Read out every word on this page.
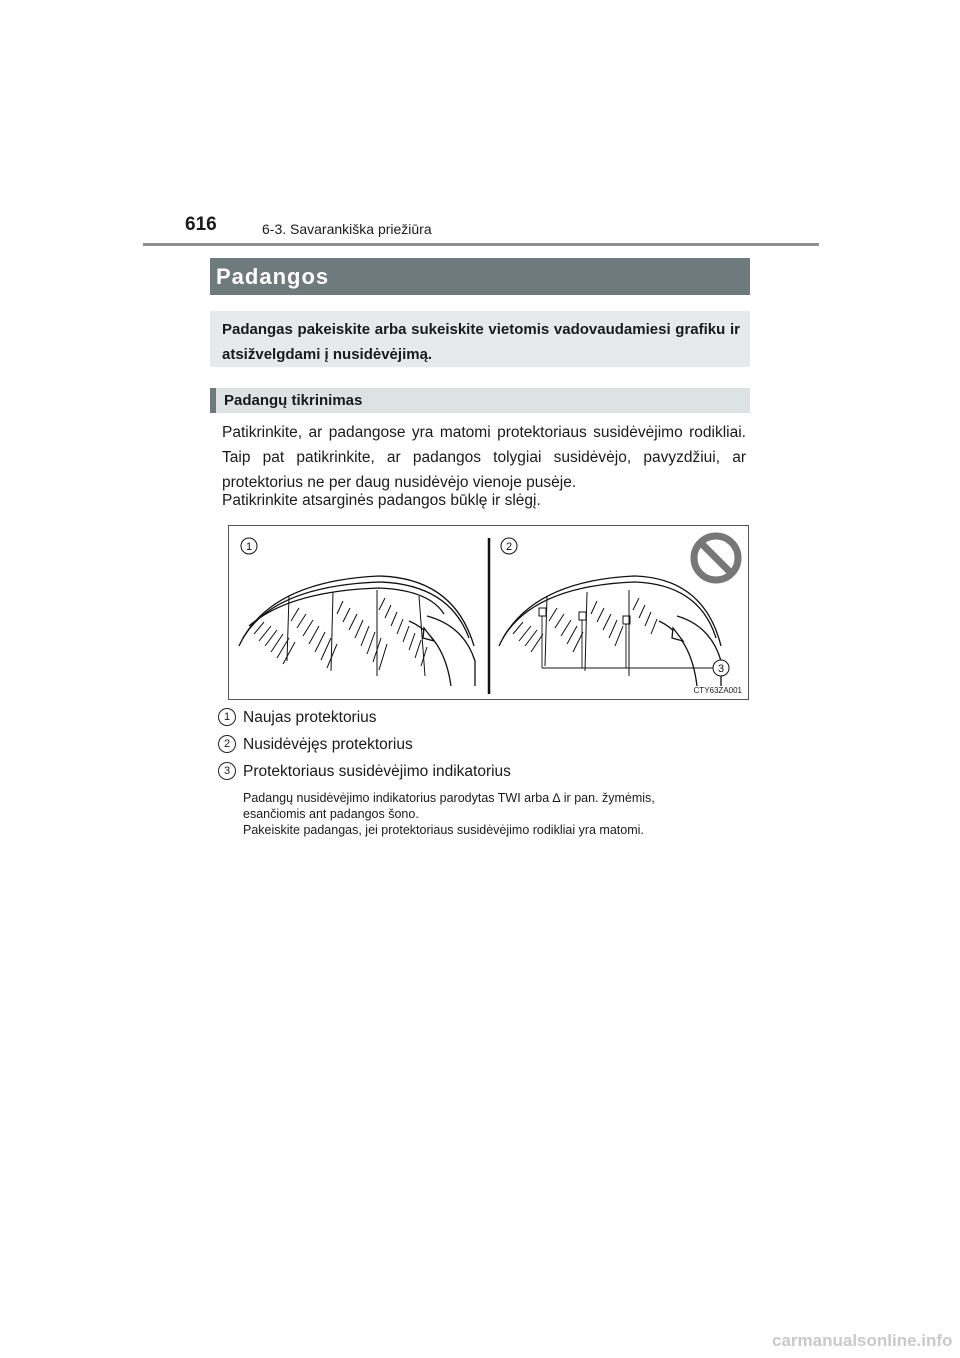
616	6-3. Savarankiška priežiūra
Padangos
Padangas pakeiskite arba sukeiskite vietomis vadovaudamiesi grafiku ir atsižvelgdami į nusidėvėjimą.
Padangų tikrinimas
Patikrinkite, ar padangose yra matomi protektoriaus susidėvėjimo rodikliai. Taip pat patikrinkite, ar padangos tolygiai susidėvėjo, pavyzdžiui, ar protektorius ne per daug nusidėvėjo vienoje pusėje.
Patikrinkite atsarginės padangos būklę ir slėgį.
1	2
3
CTY63ZA001
1 Naujas protektorius
2 Nusidėvėjęs protektorius
3 Protektoriaus susidėvėjimo indikatorius
Padangų nusidėvėjimo indikatorius parodytas TWI arba ∆ ir pan. žymėmis,
esančiomis ant padangos šono.
Pakeiskite padangas, jei protektoriaus susidėvėjimo rodikliai yra matomi.
carmanualsonline.info
